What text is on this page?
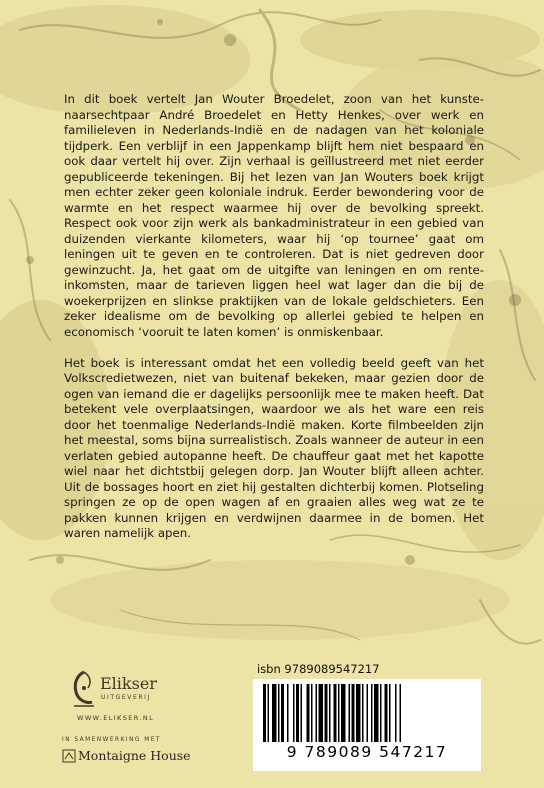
In dit boek vertelt Jan Wouter Broedelet, zoon van het kunstenaarsechtpaar André Broedelet en Hetty Henkes, over werk en familieleven in Nederlands-Indië en de nadagen van het koloniale tijdperk. Een verblijf in een Jappenkamp blijft hem niet bespaard en ook daar vertelt hij over. Zijn verhaal is geïllustreerd met niet eerder gepubliceerde tekeningen. Bij het lezen van Jan Wouters boek krijgt men echter zeker geen koloniale indruk. Eerder bewondering voor de warmte en het respect waarmee hij over de bevolking spreekt. Respect ook voor zijn werk als bankadministrateur in een gebied van duizenden vierkante kilometers, waar hij ‘op tournee’ gaat om leningen uit te geven en te controleren. Dat is niet gedreven door gewinzucht. Ja, het gaat om de uitgifte van leningen en om rente-inkomsten, maar de tarieven liggen heel wat lager dan die bij de woekerprijzen en slinkse praktijken van de lokale geldschieters. Een zeker idealisme om de bevolking op allerlei gebied te helpen en economisch ‘vooruit te laten komen’ is onmiskenbaar.

Het boek is interessant omdat het een volledig beeld geeft van het Volkscredietwezen, niet van buitenaf bekeken, maar gezien door de ogen van iemand die er dagelijks persoonlijk mee te maken heeft. Dat betekent vele overplaatsingen, waardoor we als het ware een reis door het toenmalige Nederlands-Indië maken. Korte filmbeelden zijn het meestal, soms bijna surrealistisch. Zoals wanneer de auteur in een verlaten gebied autopanne heeft. De chauffeur gaat met het kapotte wiel naar het dichtstbij gelegen dorp. Jan Wouter blijft alleen achter. Uit de bossages hoort en ziet hij gestalten dichterbij komen. Plotseling springen ze op de open wagen af en graaien alles weg wat ze te pakken kunnen krijgen en verdwijnen daarmee in de bomen. Het waren namelijk apen.

Elikser
UITGEVERIJ
WWW.ELIKSER.NL
IN SAMENWERKING MET
Montaigne House
isbn 9789089547217
9 789089 547217
